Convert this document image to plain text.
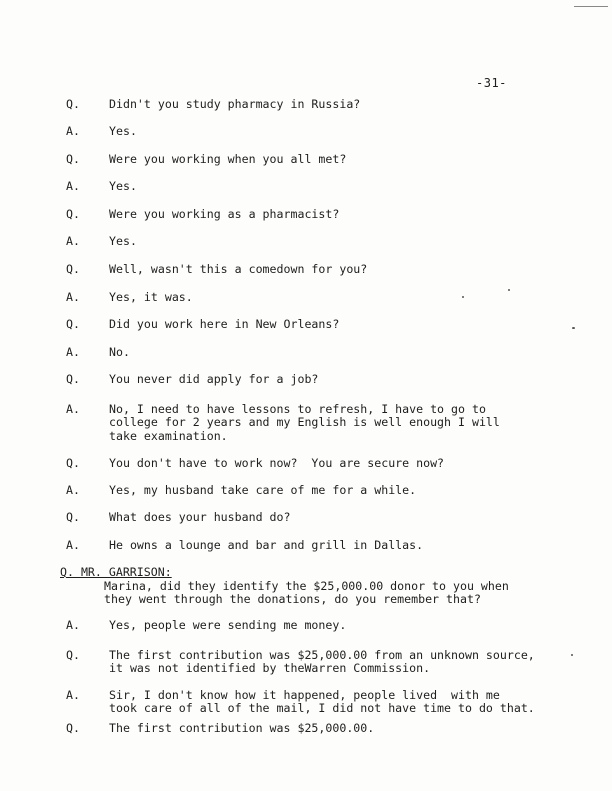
-31-
Q.	Didn't you study pharmacy in Russia?
A.	Yes.
Q.	Were you working when you all met?
A.	Yes.
Q.	Were you working as a pharmacist?
A.	Yes.
Q.	Well, wasn't this a comedown for you?
A.	Yes, it was.
Q.	Did you work here in New Orleans?
A.	No.
Q.	You never did apply for a job?
A.	No, I need to have lessons to refresh, I have to go to
college for 2 years and my English is well enough I will
take examination.
Q.	You don't have to work now?  You are secure now?
A.	Yes, my husband take care of me for a while.
Q.	What does your husband do?
A.	He owns a lounge and bar and grill in Dallas.
Q. MR. GARRISON:
Marina, did they identify the $25,000.00 donor to you when
they went through the donations, do you remember that?
A.	Yes, people were sending me money.
Q.	The first contribution was $25,000.00 from an unknown source,
it was not identified by theWarren Commission.
A.	Sir, I don't know how it happened, people lived  with me
took care of all of the mail, I did not have time to do that.
Q.	The first contribution was $25,000.00.
